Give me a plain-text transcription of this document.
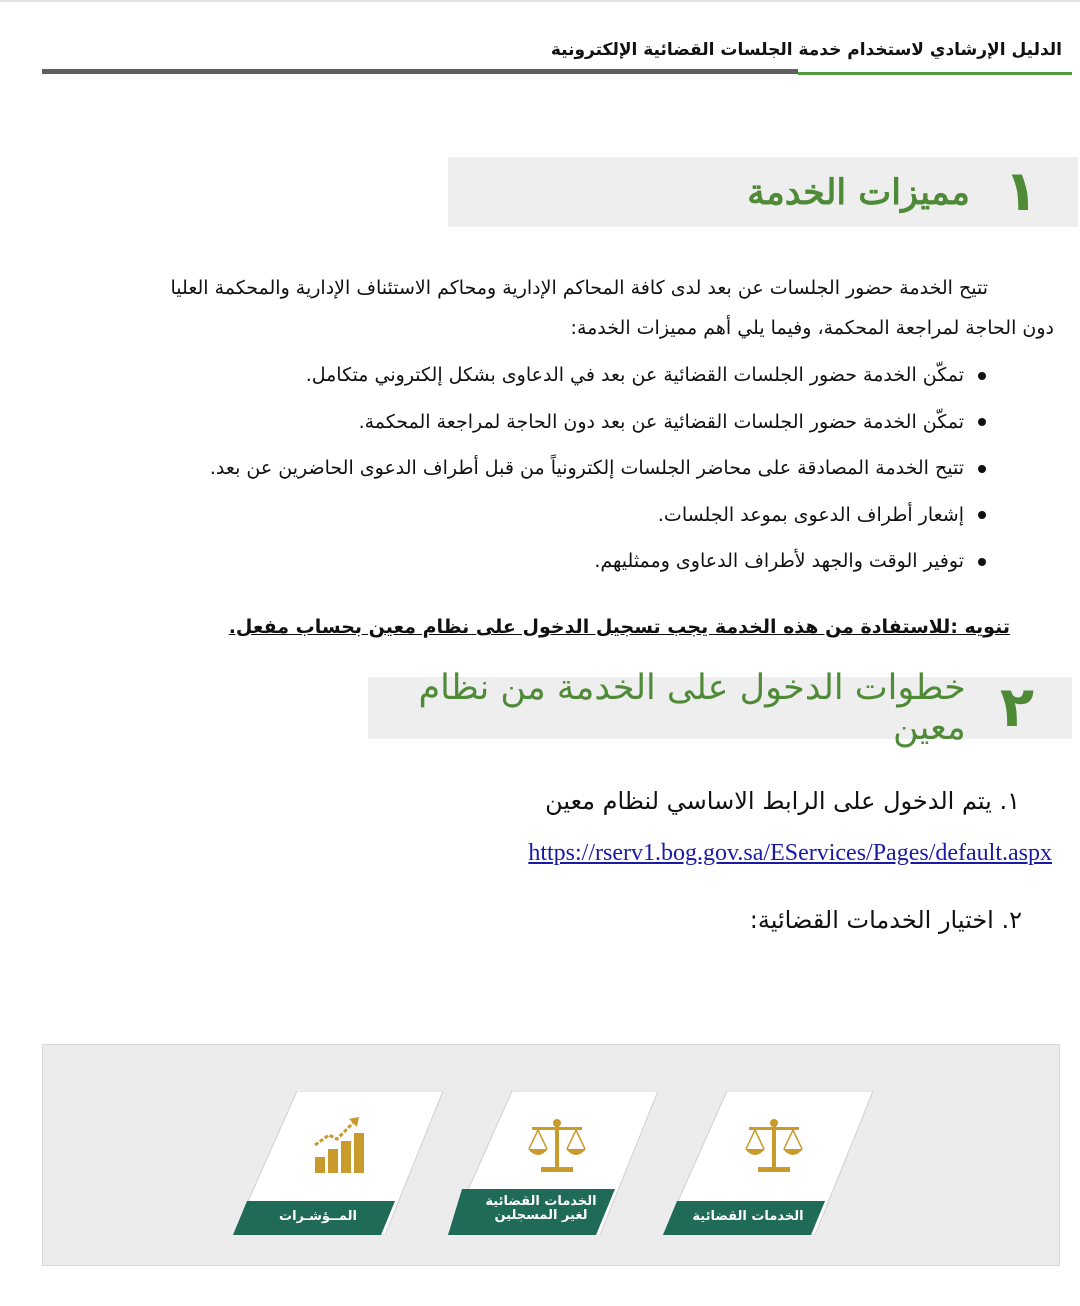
الدليل الإرشادي لاستخدام خدمة الجلسات القضائية الإلكترونية
١
مميزات الخدمة
تتيح الخدمة حضور الجلسات عن بعد لدى كافة المحاكم الإدارية ومحاكم الاستئناف الإدارية والمحكمة العليا
دون الحاجة لمراجعة المحكمة، وفيما يلي أهم مميزات الخدمة:
تمكّن الخدمة حضور الجلسات القضائية عن بعد في الدعاوى بشكل إلكتروني متكامل.
تمكّن الخدمة حضور الجلسات القضائية عن بعد دون الحاجة لمراجعة المحكمة.
تتيح الخدمة المصادقة على محاضر الجلسات إلكترونياً من قبل أطراف الدعوى الحاضرين عن بعد.
إشعار أطراف الدعوى بموعد الجلسات.
توفير الوقت والجهد لأطراف الدعاوى وممثليهم.
تنويه :للاستفادة من هذه الخدمة يجب تسجيل الدخول على نظام معين بحساب مفعل.
٢
خطوات الدخول على الخدمة من نظام معين
١. يتم الدخول على الرابط الاساسي لنظام معين
https://rserv1.bog.gov.sa/EServices/Pages/default.aspx
٢. اختيار الخدمات القضائية:
المــؤشـرات
الخدمات القضائية
لغير المسجلين	الخدمات القضائية
